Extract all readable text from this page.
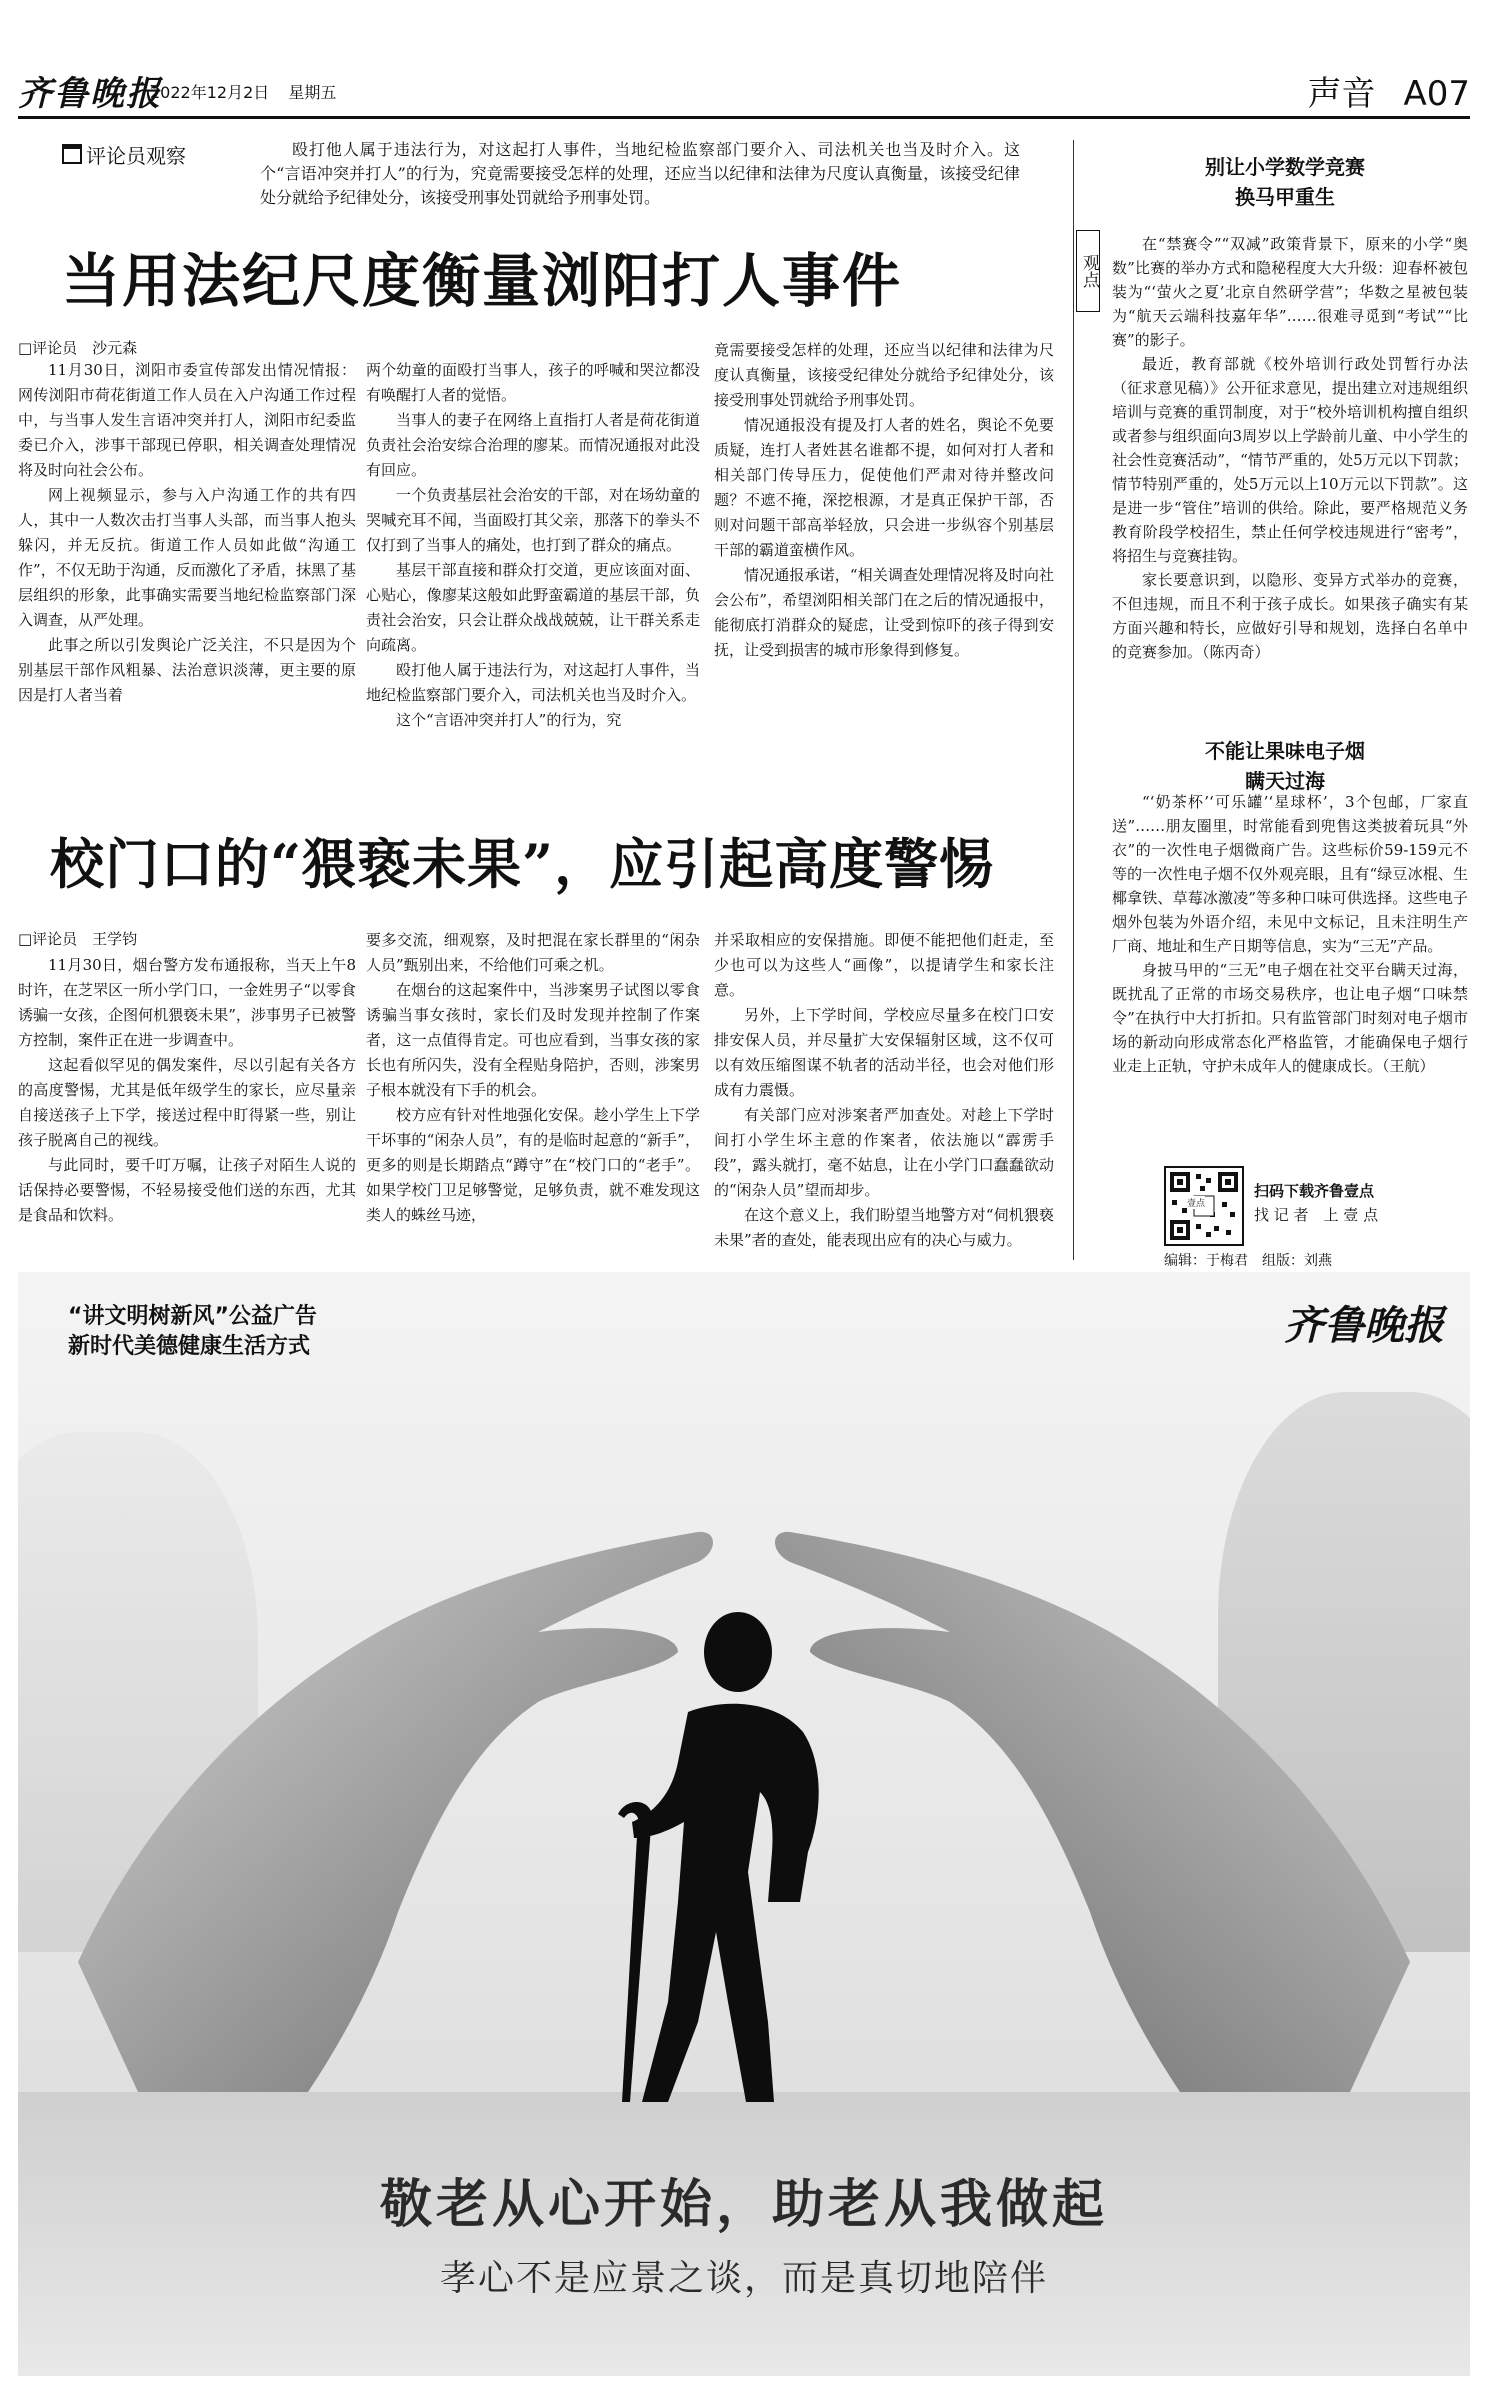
齐鲁晚报
2022年12月2日 星期五	声音 A07
评论员观察	殴打他人属于违法行为，对这起打人事件，当地纪检监察部门要介入、司法机关也当及时介入。这个“言语冲突并打人”的行为，究竟需要接受怎样的处理，还应当以纪律和法律为尺度认真衡量，该接受纪律处分就给予纪律处分，该接受刑事处罚就给予刑事处罚。
当用法纪尺度衡量浏阳打人事件
□评论员　沙元森

11月30日，浏阳市委宣传部发出情况情报：网传浏阳市荷花街道工作人员在入户沟通工作过程中，与当事人发生言语冲突并打人，浏阳市纪委监委已介入，涉事干部现已停职，相关调查处理情况将及时向社会公布。

网上视频显示，参与入户沟通工作的共有四人，其中一人数次击打当事人头部，而当事人抱头躲闪，并无反抗。街道工作人员如此做“沟通工作”，不仅无助于沟通，反而激化了矛盾，抹黑了基层组织的形象，此事确实需要当地纪检监察部门深入调查，从严处理。

此事之所以引发舆论广泛关注，不只是因为个别基层干部作风粗暴、法治意识淡薄，更主要的原因是打人者当着

两个幼童的面殴打当事人，孩子的呼喊和哭泣都没有唤醒打人者的觉悟。

当事人的妻子在网络上直指打人者是荷花街道负责社会治安综合治理的廖某。而情况通报对此没有回应。

一个负责基层社会治安的干部，对在场幼童的哭喊充耳不闻，当面殴打其父亲，那落下的拳头不仅打到了当事人的痛处，也打到了群众的痛点。

基层干部直接和群众打交道，更应该面对面、心贴心，像廖某这般如此野蛮霸道的基层干部，负责社会治安，只会让群众战战兢兢，让干群关系走向疏离。

殴打他人属于违法行为，对这起打人事件，当地纪检监察部门要介入，司法机关也当及时介入。

这个“言语冲突并打人”的行为，究

竟需要接受怎样的处理，还应当以纪律和法律为尺度认真衡量，该接受纪律处分就给予纪律处分，该接受刑事处罚就给予刑事处罚。

情况通报没有提及打人者的姓名，舆论不免要质疑，连打人者姓甚名谁都不提，如何对打人者和相关部门传导压力，促使他们严肃对待并整改问题？不遮不掩，深挖根源，才是真正保护干部，否则对问题干部高举轻放，只会进一步纵容个别基层干部的霸道蛮横作风。

情况通报承诺，“相关调查处理情况将及时向社会公布”，希望浏阳相关部门在之后的情况通报中，能彻底打消群众的疑虑，让受到惊吓的孩子得到安抚，让受到损害的城市形象得到修复。

校门口的“猥亵未果”，应引起高度警惕
□评论员　王学钧

11月30日，烟台警方发布通报称，当天上午8时许，在芝罘区一所小学门口，一金姓男子“以零食诱骗一女孩，企图何机猥亵未果”，涉事男子已被警方控制，案件正在进一步调查中。

这起看似罕见的偶发案件，尽以引起有关各方的高度警惕，尤其是低年级学生的家长，应尽量亲自接送孩子上下学，接送过程中盯得紧一些，别让孩子脱离自己的视线。

与此同时，要千叮万嘱，让孩子对陌生人说的话保持必要警惕，不轻易接受他们送的东西，尤其是食品和饮料。

要多交流，细观察，及时把混在家长群里的“闲杂人员”甄别出来，不给他们可乘之机。

在烟台的这起案件中，当涉案男子试图以零食诱骗当事女孩时，家长们及时发现并控制了作案者，这一点值得肯定。可也应看到，当事女孩的家长也有所闪失，没有全程贴身陪护，否则，涉案男子根本就没有下手的机会。

校方应有针对性地强化安保。趁小学生上下学干坏事的“闲杂人员”，有的是临时起意的“新手”，更多的则是长期踏点“蹲守”在“校门口的“老手”。如果学校门卫足够警觉，足够负责，就不难发现这类人的蛛丝马迹，

并采取相应的安保措施。即便不能把他们赶走，至少也可以为这些人“画像”，以提请学生和家长注意。

另外，上下学时间，学校应尽量多在校门口安排安保人员，并尽量扩大安保辐射区域，这不仅可以有效压缩图谋不轨者的活动半径，也会对他们形成有力震慑。

有关部门应对涉案者严加查处。对趁上下学时间打小学生坏主意的作案者，依法施以“霹雳手段”，露头就打，毫不姑息，让在小学门口蠢蠢欲动的“闲杂人员”望而却步。

在这个意义上，我们盼望当地警方对“伺机猥亵未果”者的查处，能表现出应有的决心与威力。

观点
别让小学数学竞赛
换马甲重生

在“禁赛令”“双减”政策背景下，原来的小学“奥数”比赛的举办方式和隐秘程度大大升级：迎春杯被包装为“‘萤火之夏’北京自然研学营”；华数之星被包装为“航天云端科技嘉年华”……很难寻觅到“考试”“比赛”的影子。

最近，教育部就《校外培训行政处罚暂行办法（征求意见稿）》公开征求意见，提出建立对违规组织培训与竞赛的重罚制度，对于“校外培训机构擅自组织或者参与组织面向3周岁以上学龄前儿童、中小学生的社会性竞赛活动”，“情节严重的，处5万元以下罚款；情节特别严重的，处5万元以上10万元以下罚款”。这是进一步“管住”培训的供给。除此，要严格规范义务教育阶段学校招生，禁止任何学校违规进行“密考”，将招生与竞赛挂钩。

家长要意识到，以隐形、变异方式举办的竞赛，不但违规，而且不利于孩子成长。如果孩子确实有某方面兴趣和特长，应做好引导和规划，选择白名单中的竞赛参加。（陈丙奇）

不能让果味电子烟
瞒天过海

“‘奶茶杯’‘可乐罐’‘星球杯’，3个包邮，厂家直送”……朋友圈里，时常能看到兜售这类披着玩具“外衣”的一次性电子烟微商广告。这些标价59-159元不等的一次性电子烟不仅外观亮眼，且有“绿豆冰棍、生椰拿铁、草莓冰激凌”等多种口味可供选择。这些电子烟外包装为外语介绍，未见中文标记，且未注明生产厂商、地址和生产日期等信息，实为“三无”产品。

身披马甲的“三无”电子烟在社交平台瞒天过海，既扰乱了正常的市场交易秩序，也让电子烟“口味禁令”在执行中大打折扣。只有监管部门时刻对电子烟市场的新动向形成常态化严格监管，才能确保电子烟行业走上正轨，守护未成年人的健康成长。（王航）

壹点
扫码下载齐鲁壹点
找 记 者　上 壹 点
编辑：于梅君　组版：刘燕
“讲文明树新风”公益广告
新时代美德健康生活方式	齐鲁晚报
敬老从心开始，助老从我做起
孝心不是应景之谈，而是真切地陪伴
